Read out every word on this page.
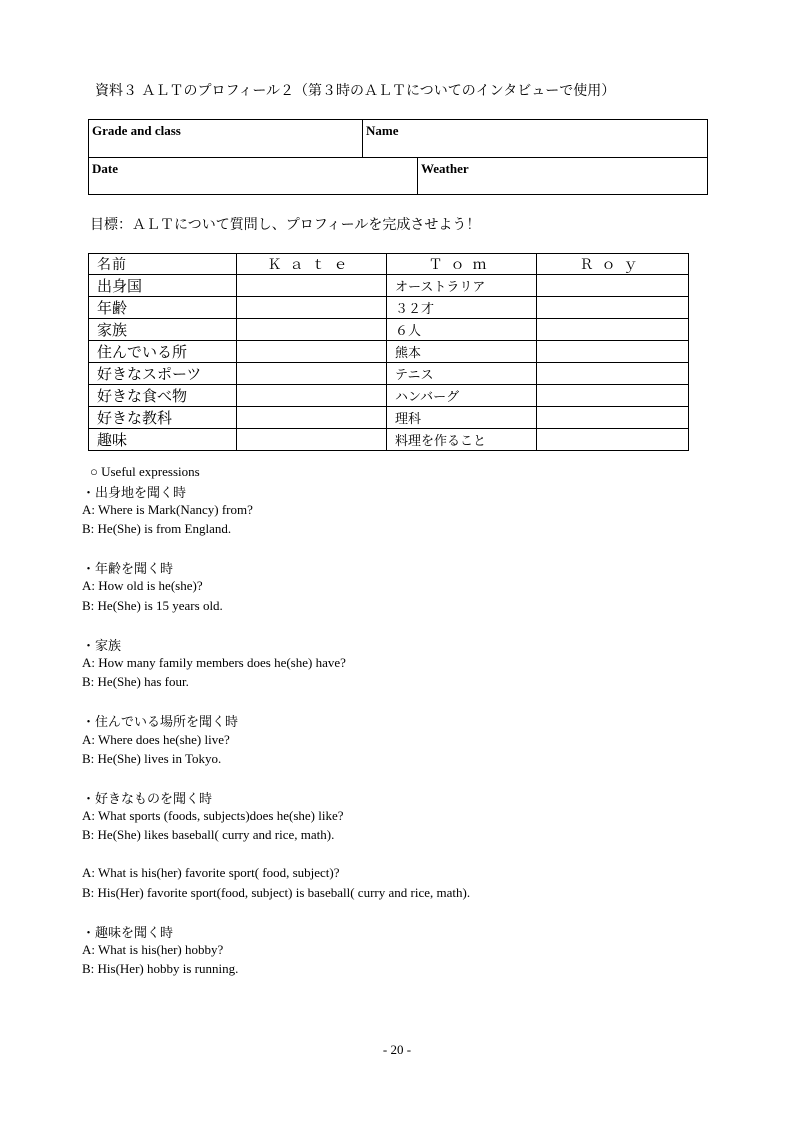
資料３ ＡＬＴのプロフィール２（第３時のＡＬＴについてのインタビューで使用）
Grade and class	Name
Date	Weather
目標：ＡＬＴについて質問し、プロフィールを完成させよう！
名前	Ｋａｔｅ	Ｔｏｍ	Ｒｏｙ
出身国		オーストラリア	
年齢		３２才	
家族		６人	
住んでいる所		熊本	
好きなスポーツ		テニス	
好きな食べ物		ハンバーグ	
好きな教科		理科	
趣味		料理を作ること	
○ Useful expressions
・出身地を聞く時
A: Where is Mark(Nancy) from?
B: He(She) is from England.
・年齢を聞く時
A: How old is he(she)?
B: He(She) is 15 years old.
・家族
A: How many family members does he(she) have?
B: He(She) has four.
・住んでいる場所を聞く時
A: Where does he(she) live?
B: He(She) lives in Tokyo.
・好きなものを聞く時
A: What sports (foods, subjects)does he(she) like?
B: He(She) likes baseball( curry and rice, math).
A: What is his(her) favorite sport( food, subject)?
B: His(Her) favorite sport(food, subject) is baseball( curry and rice, math).
・趣味を聞く時
A: What is his(her) hobby?
B: His(Her) hobby is running.
- 20 -
